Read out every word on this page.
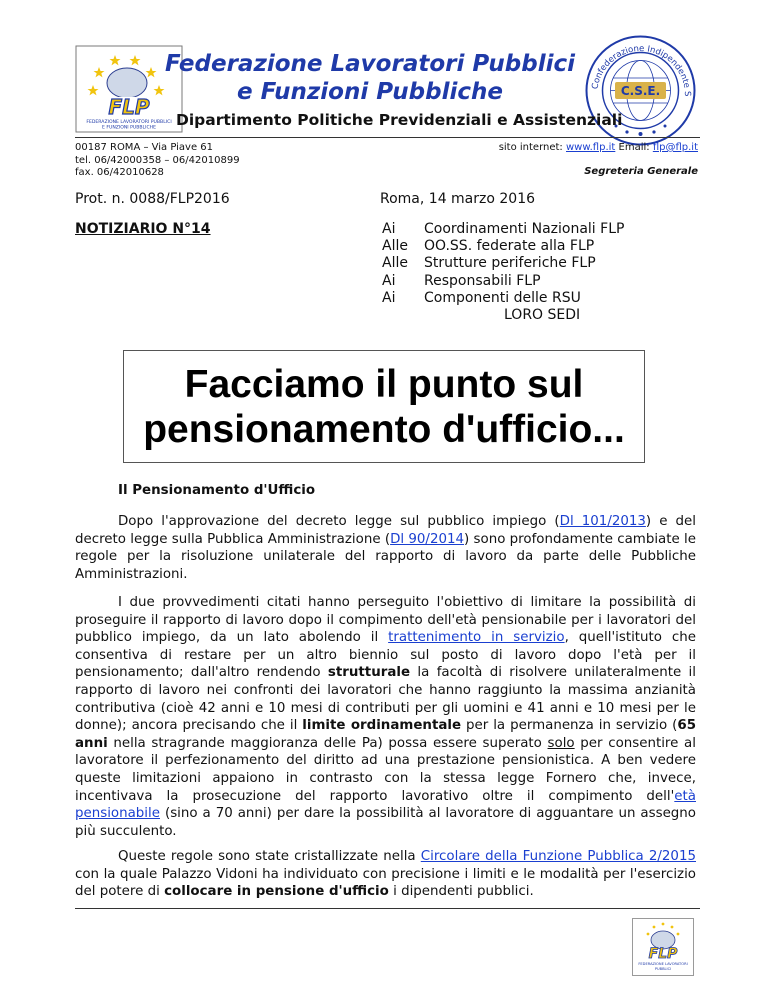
FLP
FEDERAZIONE LAVORATORI PUBBLICI
E FUNZIONI PUBBLICHE
Federazione Lavoratori Pubblici
e Funzioni Pubbliche	Confederazione Indipendente S
C.S.E.
Dipartimento Politiche Previdenziali e Assistenziali
00187 ROMA – Via Piave 61
tel. 06/42000358 – 06/42010899
fax. 06/42010628
sito internet: www.flp.it Email: flp@flp.it
Segreteria Generale
Prot. n. 0088/FLP2016	Roma, 14 marzo 2016
NOTIZIARIO N°14	Ai	Coordinamenti Nazionali FLP
Alle	OO.SS. federate alla FLP
Alle	Strutture periferiche FLP
Ai	Responsabili FLP
Ai	Componenti delle RSU
LORO SEDI
Facciamo il punto sul
pensionamento d'ufficio...
Il Pensionamento d'Ufficio
Dopo l'approvazione del decreto legge sul pubblico impiego (Dl 101/2013) e del decreto legge sulla Pubblica Amministrazione (Dl 90/2014) sono profondamente cambiate le regole per la risoluzione unilaterale del rapporto di lavoro da parte delle Pubbliche Amministrazioni.
I due provvedimenti citati hanno perseguito l'obiettivo di limitare la possibilità di proseguire il rapporto di lavoro dopo il compimento dell'età pensionabile per i lavoratori del pubblico impiego, da un lato abolendo il trattenimento in servizio, quell'istituto che consentiva di restare per un altro biennio sul posto di lavoro dopo l'età per il pensionamento; dall'altro rendendo strutturale la facoltà di risolvere unilateralmente il rapporto di lavoro nei confronti dei lavoratori che hanno raggiunto la massima anzianità contributiva (cioè 42 anni e 10 mesi di contributi per gli uomini e 41 anni e 10 mesi per le donne); ancora precisando che il limite ordinamentale per la permanenza in servizio (65 anni nella stragrande maggioranza delle Pa) possa essere superato solo per consentire al lavoratore il perfezionamento del diritto ad una prestazione pensionistica. A ben vedere queste limitazioni appaiono in contrasto con la stessa legge Fornero che, invece, incentivava la prosecuzione del rapporto lavorativo oltre il compimento dell'età pensionabile (sino a 70 anni) per dare la possibilità al lavoratore di agguantare un assegno più succulento.
Queste regole sono state cristallizzate nella Circolare della Funzione Pubblica 2/2015 con la quale Palazzo Vidoni ha individuato con precisione i limiti e le modalità per l'esercizio del potere di collocare in pensione d'ufficio i dipendenti pubblici.
FLP
FEDERAZIONE LAVORATORI
PUBBLICI
